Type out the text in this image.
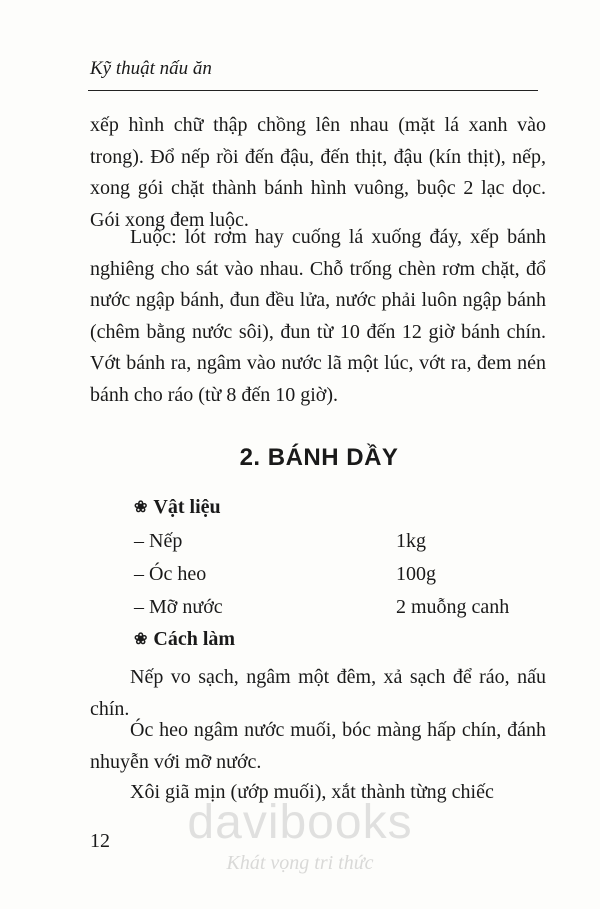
Kỹ thuật nấu ăn
xếp hình chữ thập chồng lên nhau (mặt lá xanh vào trong). Đổ nếp rồi đến đậu, đến thịt, đậu (kín thịt), nếp, xong gói chặt thành bánh hình vuông, buộc 2 lạc dọc. Gói xong đem luộc.
Luộc: lót rơm hay cuống lá xuống đáy, xếp bánh nghiêng cho sát vào nhau. Chỗ trống chèn rơm chặt, đổ nước ngập bánh, đun đều lửa, nước phải luôn ngập bánh (chêm bằng nước sôi), đun từ 10 đến 12 giờ bánh chín. Vớt bánh ra, ngâm vào nước lã một lúc, vớt ra, đem nén bánh cho ráo (từ 8 đến 10 giờ).
2. BÁNH DẦY
❀ Vật liệu
– Nếp	1kg
– Óc heo	100g
– Mỡ nước	2 muỗng canh
❀ Cách làm
Nếp vo sạch, ngâm một đêm, xả sạch để ráo, nấu chín.
Óc heo ngâm nước muối, bóc màng hấp chín, đánh nhuyễn với mỡ nước.
Xôi giã mịn (ướp muối), xắt thành từng chiếc
davibooks
Khát vọng tri thức
12
